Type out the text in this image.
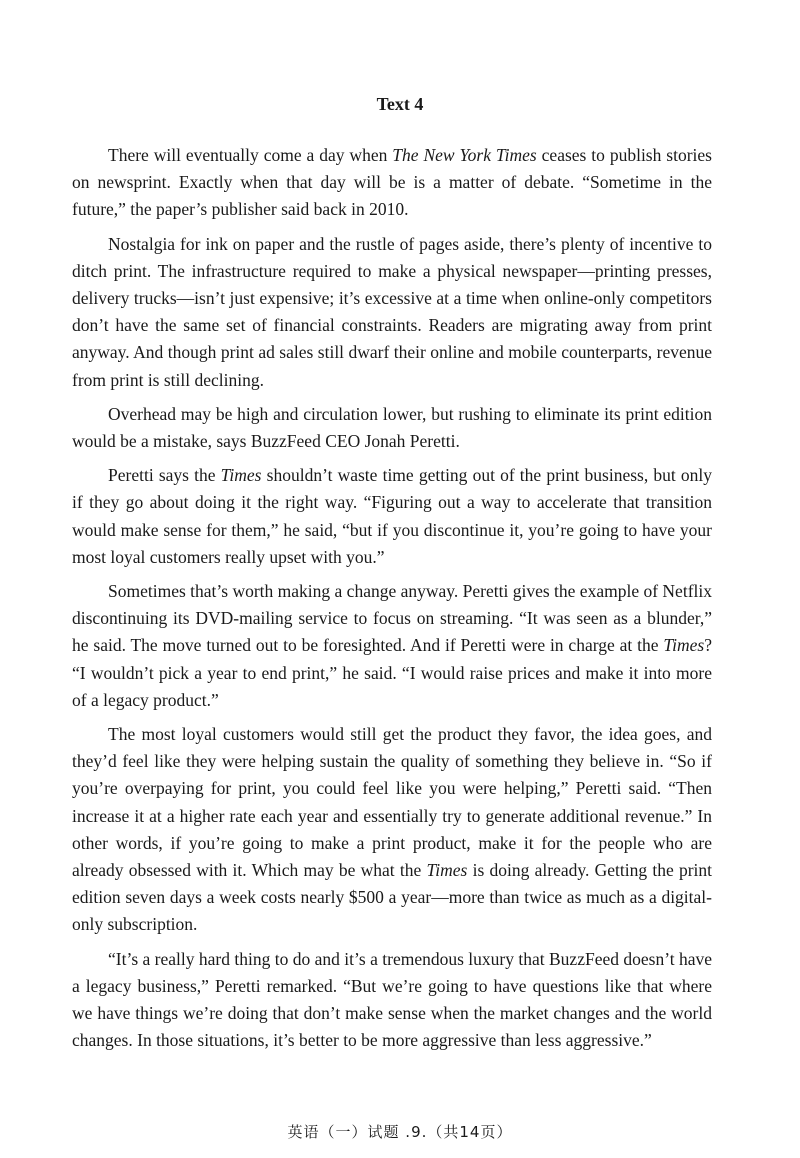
Text 4

There will eventually come a day when The New York Times ceases to publish stories on newsprint. Exactly when that day will be is a matter of debate. “Sometime in the future,” the paper’s publisher said back in 2010.

Nostalgia for ink on paper and the rustle of pages aside, there’s plenty of incentive to ditch print. The infrastructure required to make a physical newspaper—printing presses, delivery trucks—isn’t just expensive; it’s excessive at a time when online-only competitors don’t have the same set of financial constraints. Readers are migrating away from print anyway. And though print ad sales still dwarf their online and mobile counterparts, revenue from print is still declining.

Overhead may be high and circulation lower, but rushing to eliminate its print edition would be a mistake, says BuzzFeed CEO Jonah Peretti.

Peretti says the Times shouldn’t waste time getting out of the print business, but only if they go about doing it the right way. “Figuring out a way to accelerate that transition would make sense for them,” he said, “but if you discontinue it, you’re going to have your most loyal customers really upset with you.”

Sometimes that’s worth making a change anyway. Peretti gives the example of Netflix discontinuing its DVD-mailing service to focus on streaming. “It was seen as a blunder,” he said. The move turned out to be foresighted. And if Peretti were in charge at the Times? “I wouldn’t pick a year to end print,” he said. “I would raise prices and make it into more of a legacy product.”

The most loyal customers would still get the product they favor, the idea goes, and they’d feel like they were helping sustain the quality of something they believe in. “So if you’re overpaying for print, you could feel like you were helping,” Peretti said. “Then increase it at a higher rate each year and essentially try to generate additional revenue.” In other words, if you’re going to make a print product, make it for the people who are already obsessed with it. Which may be what the Times is doing already. Getting the print edition seven days a week costs nearly $500 a year—more than twice as much as a digital-only subscription.

“It’s a really hard thing to do and it’s a tremendous luxury that BuzzFeed doesn’t have a legacy business,” Peretti remarked. “But we’re going to have questions like that where we have things we’re doing that don’t make sense when the market changes and the world changes. In those situations, it’s better to be more aggressive than less aggressive.”

英语（一）试题 .9.（共14页）
